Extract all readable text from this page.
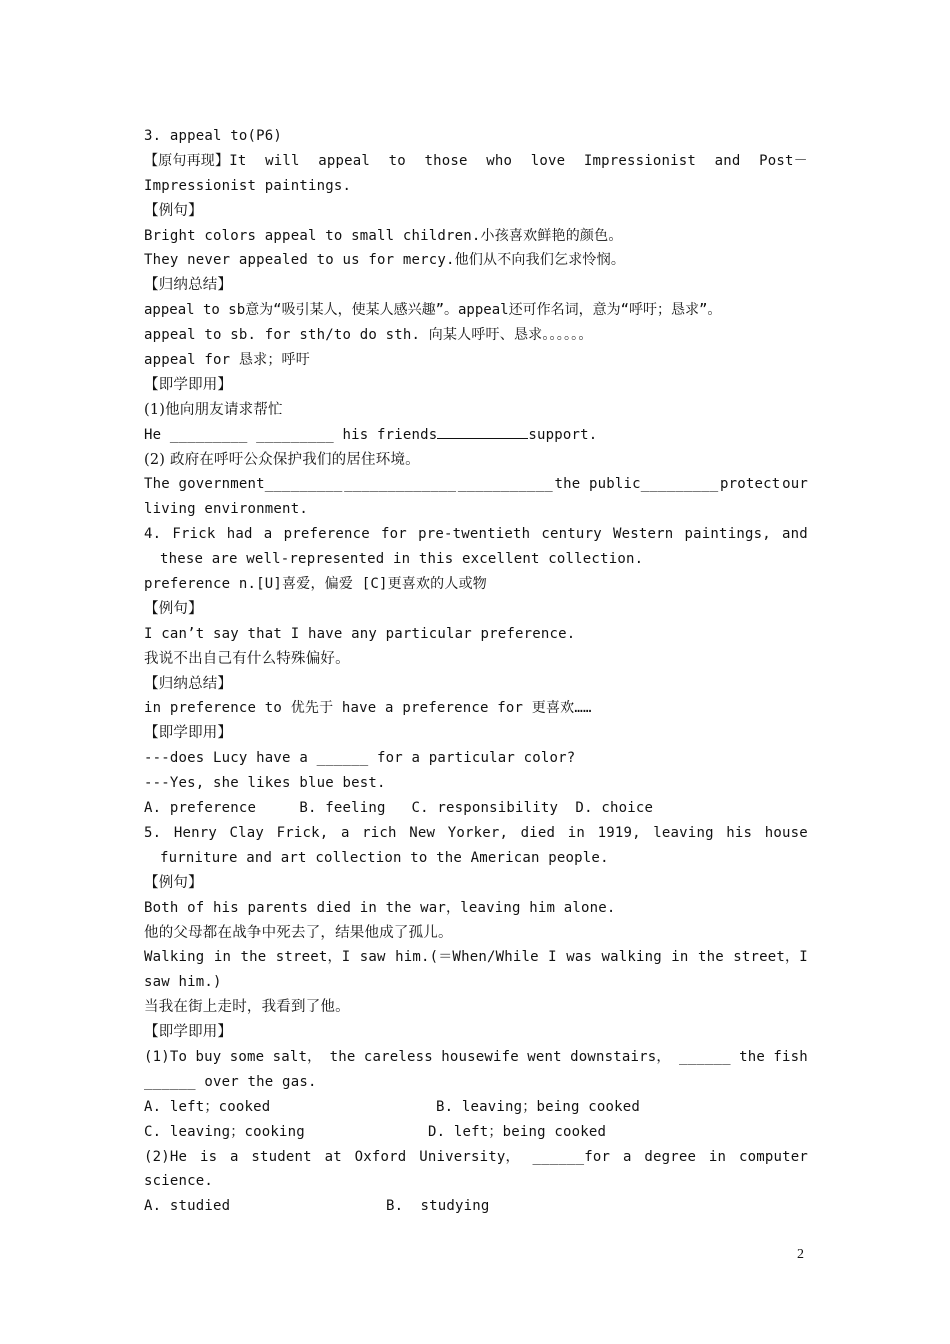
3. appeal to(P6)
【原句再现】It will appeal to those who love Impressionist and Post－
Impressionist paintings.
【例句】
Bright colors appeal to small children.小孩喜欢鲜艳的颜色。
They never appealed to us for mercy.他们从不向我们乞求怜悯。
【归纳总结】
appeal to sb意为“吸引某人，使某人感兴趣”。appeal还可作名词，意为“呼吁；恳求”。
appeal to sb. for sth/to do sth. 向某人呼吁、恳求。。。。。。
appeal for 恳求；呼吁
【即学即用】
(1)他向朋友请求帮忙
He _________ _________ his friends	support.
(2) 政府在呼吁公众保护我们的居住环境。
The government_________ _____________ ___________ the public_________ protect our
living environment.
4. Frick had a preference for pre-twentieth century Western paintings, and
these are well-represented in this excellent collection.
preference n.[U]喜爱，偏爱 [C]更喜欢的人或物
【例句】
I can’t say that I have any particular preference.
我说不出自己有什么特殊偏好。
【归纳总结】
in preference to 优先于 have a preference for 更喜欢……
【即学即用】
---does Lucy have a ______ for a particular color?
---Yes, she likes blue best.
A. preference     B. feeling   C. responsibility  D. choice
5. Henry Clay Frick, a rich New Yorker, died in 1919, leaving his house
furniture and art collection to the American people.
【例句】
Both of his parents died in the war，leaving him alone.
他的父母都在战争中死去了，结果他成了孤儿。
Walking in the street，I saw him.(＝When/While I was walking in the street，I
saw him.)
当我在街上走时，我看到了他。
【即学即用】
(1)To buy some salt， the careless housewife went downstairs， ______ the fish
______ over the gas.
A. left；cooked	B. leaving；being cooked
C. leaving；cooking	D. left；being cooked
(2)He is a student at Oxford University， ______for a degree in computer
science.
A. studied	B.  studying
2
